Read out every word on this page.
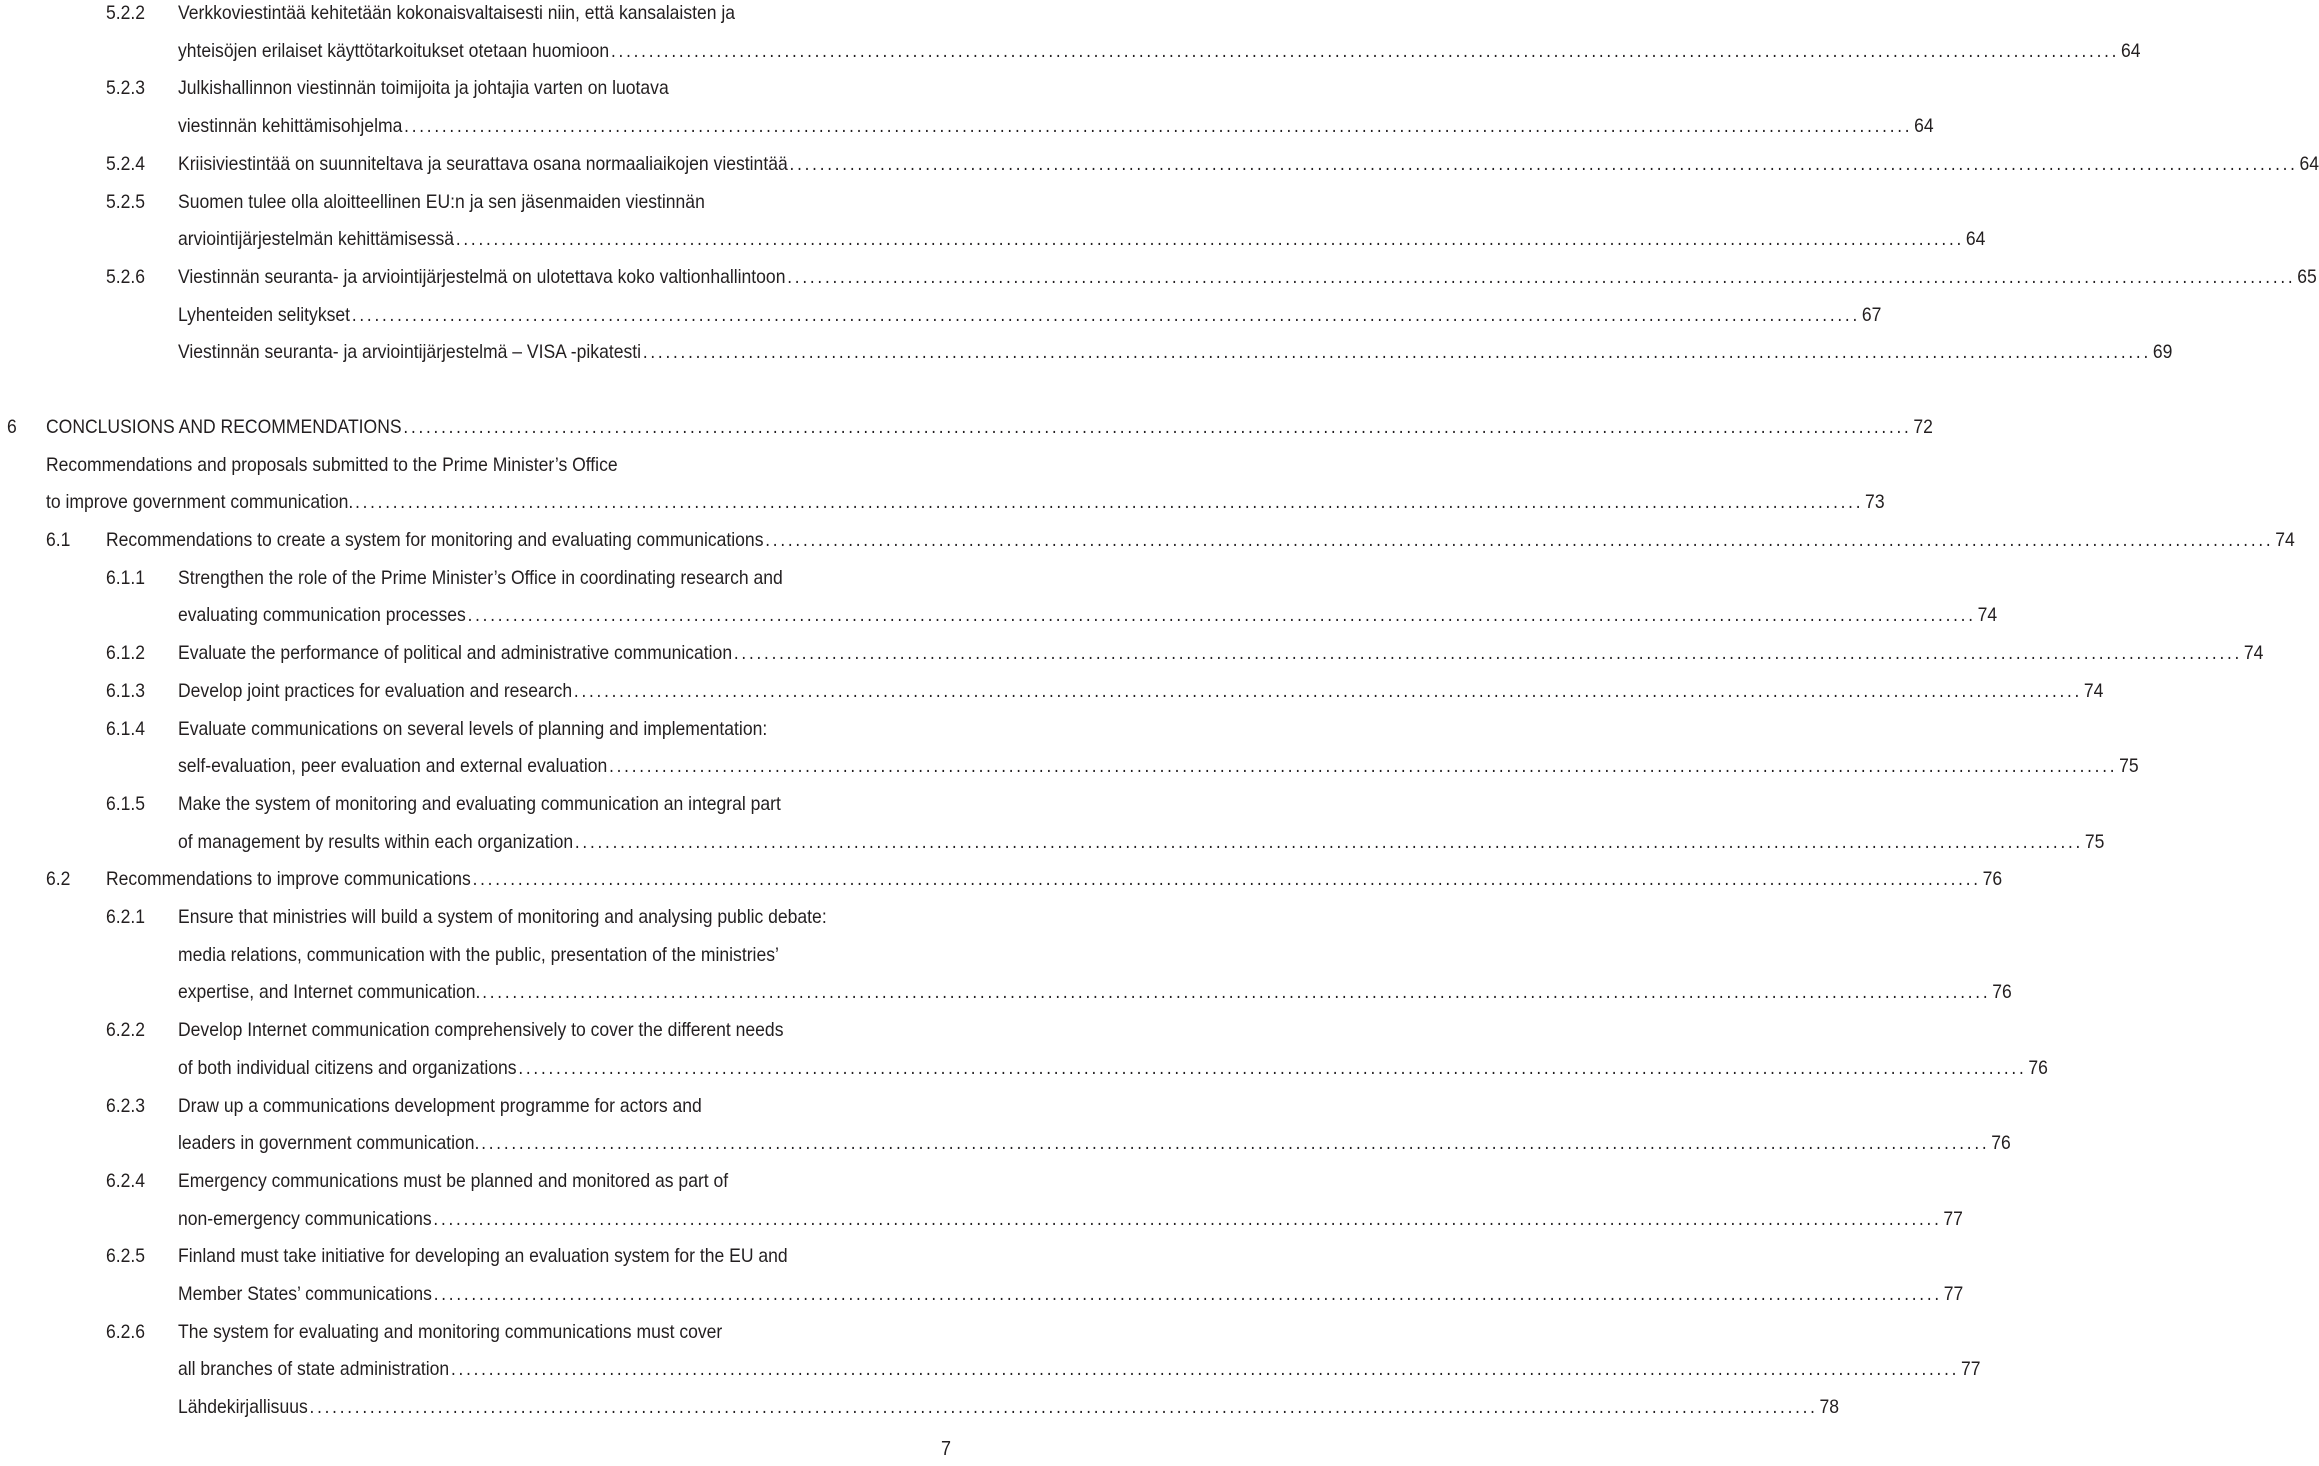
5.2.2 Verkkoviestintää kehitetään kokonaisvaltaisesti niin, että kansalaisten ja
yhteisöjen erilaiset käyttötarkoitukset otetaan huomioon ........................................................................................................................................................................................................ 64
5.2.3 Julkishallinnon viestinnän toimijoita ja johtajia varten on luotava
viestinnän kehittämisohjelma ........................................................................................................................................................................................................ 64
5.2.4 Kriisiviestintää on suunniteltava ja seurattava osana normaaliaikojen viestintää ........................................................................................................................................................................................................ 64
5.2.5 Suomen tulee olla aloitteellinen EU:n ja sen jäsenmaiden viestinnän
arviointijärjestelmän kehittämisessä ........................................................................................................................................................................................................ 64
5.2.6 Viestinnän seuranta- ja arviointijärjestelmä on ulotettava koko valtionhallintoon ........................................................................................................................................................................................................ 65
Lyhenteiden selitykset ........................................................................................................................................................................................................ 67
Viestinnän seuranta- ja arviointijärjestelmä – VISA -pikatesti ........................................................................................................................................................................................................ 69
6 CONCLUSIONS AND RECOMMENDATIONS ........................................................................................................................................................................................................ 72
Recommendations and proposals submitted to the Prime Minister’s Office
to improve government communication. ........................................................................................................................................................................................................ 73
6.1 Recommendations to create a system for monitoring and evaluating communications ........................................................................................................................................................................................................ 74
6.1.1 Strengthen the role of the Prime Minister’s Office in coordinating research and
evaluating communication processes ........................................................................................................................................................................................................ 74
6.1.2 Evaluate the performance of political and administrative communication ........................................................................................................................................................................................................ 74
6.1.3 Develop joint practices for evaluation and research ........................................................................................................................................................................................................ 74
6.1.4 Evaluate communications on several levels of planning and implementation:
self-evaluation, peer evaluation and external evaluation ........................................................................................................................................................................................................ 75
6.1.5 Make the system of monitoring and evaluating communication an integral part
of management by results within each organization ........................................................................................................................................................................................................ 75
6.2 Recommendations to improve communications ........................................................................................................................................................................................................ 76
6.2.1 Ensure that ministries will build a system of monitoring and analysing public debate:
media relations, communication with the public, presentation of the ministries’
expertise, and Internet communication. ........................................................................................................................................................................................................ 76
6.2.2 Develop Internet communication comprehensively to cover the different needs
of both individual citizens and organizations ........................................................................................................................................................................................................ 76
6.2.3 Draw up a communications development programme for actors and
leaders in government communication. ........................................................................................................................................................................................................ 76
6.2.4 Emergency communications must be planned and monitored as part of
non-emergency communications ........................................................................................................................................................................................................ 77
6.2.5 Finland must take initiative for developing an evaluation system for the EU and
Member States’ communications ........................................................................................................................................................................................................ 77
6.2.6 The system for evaluating and monitoring communications must cover
all branches of state administration ........................................................................................................................................................................................................ 77
Lähdekirjallisuus ........................................................................................................................................................................................................ 78
7
